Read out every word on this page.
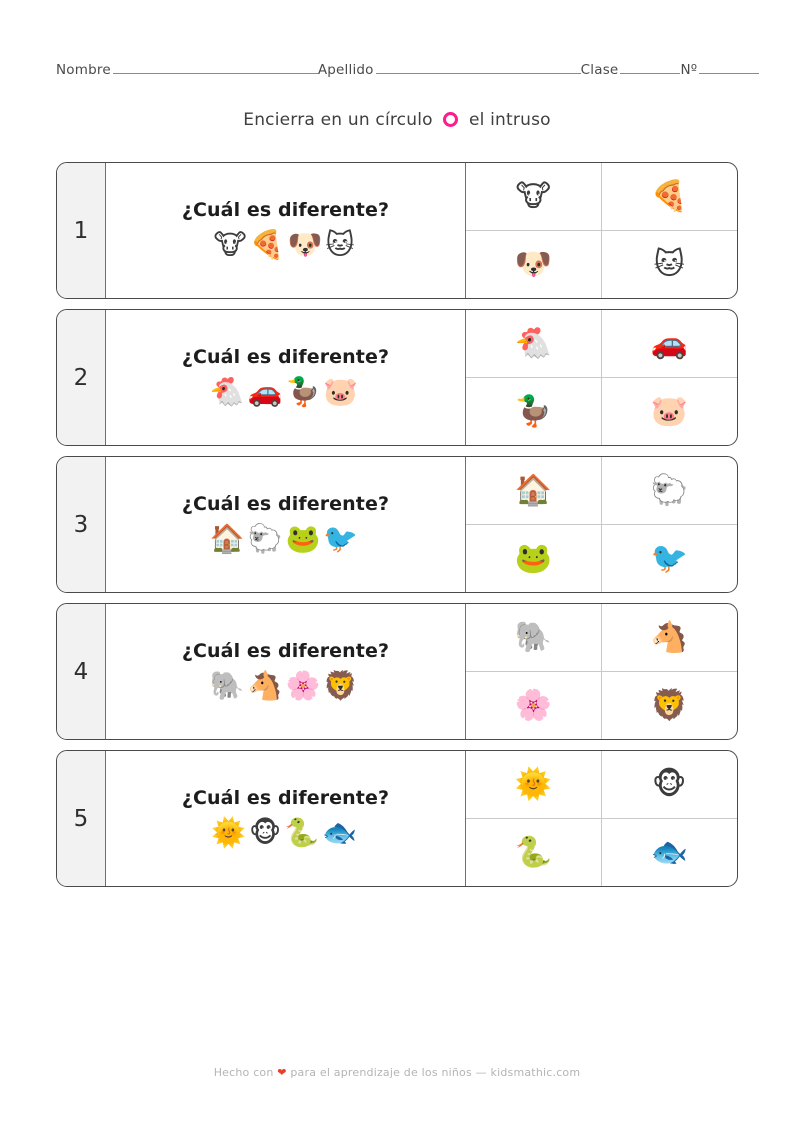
Nombre	Apellido	Clase	Nº
Encierra en un círculo el intruso
1
¿Cuál es diferente?
🐮🍕🐶🐱
🐮	🍕
🐶	🐱
2
¿Cuál es diferente?
🐔🚗🦆🐷
🐔	🚗
🦆	🐷
3
¿Cuál es diferente?
🏠🐑🐸🐦
🏠	🐑
🐸	🐦
4
¿Cuál es diferente?
🐘🐴🌸🦁
🐘	🐴
🌸	🦁
5
¿Cuál es diferente?
🌞🐵🐍🐟
🌞	🐵
🐍	🐟
Hecho con ❤ para el aprendizaje de los niños — kidsmathic.com
